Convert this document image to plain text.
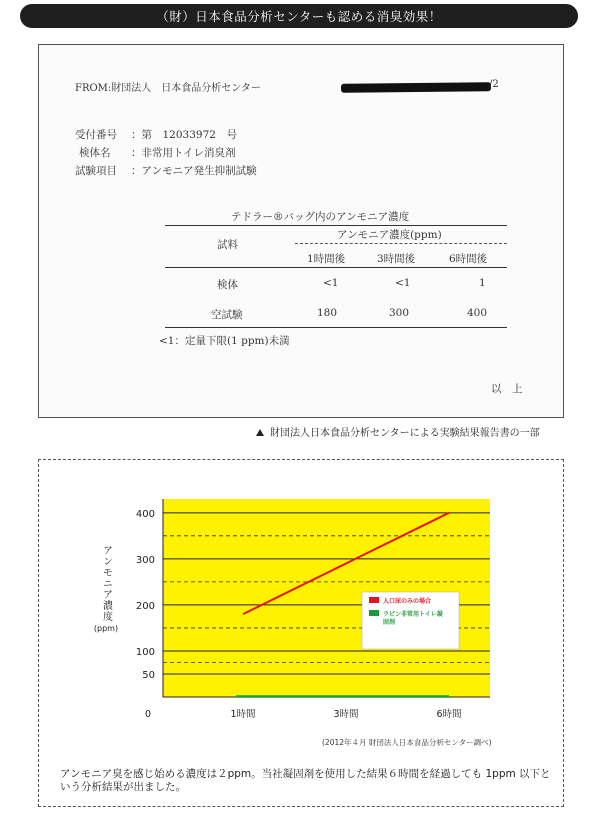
（財）日本食品分析センターも認める消臭効果！
FROM:財団法人　日本食品分析センター	/2
受付番号 ：第　12033972　号
検体名 ：非常用トイレ消臭剤
試験項目 ：アンモニア発生抑制試験
テドラー®バッグ内のアンモニア濃度
試料
アンモニア濃度(ppm)
1時間後	3時間後	6時間後
検体	<1	<1	1
空試験	180	300	400
<1：定量下限(1 ppm)未満
以　上
財団法人日本食品分析センターによる実験結果報告書の一部
50
100
200
300
400
0	1時間	3時間	6時間
アンモニア濃度
(ppm)
人口尿のみの場合
ラピン非常用トイレ凝固剤
(2012年４月 財団法人日本食品分析センター調べ)
アンモニア臭を感じ始める濃度は２ppm。当社凝固剤を使用した結果６時間を経過しても 1ppm 以下という分析結果が出ました。
